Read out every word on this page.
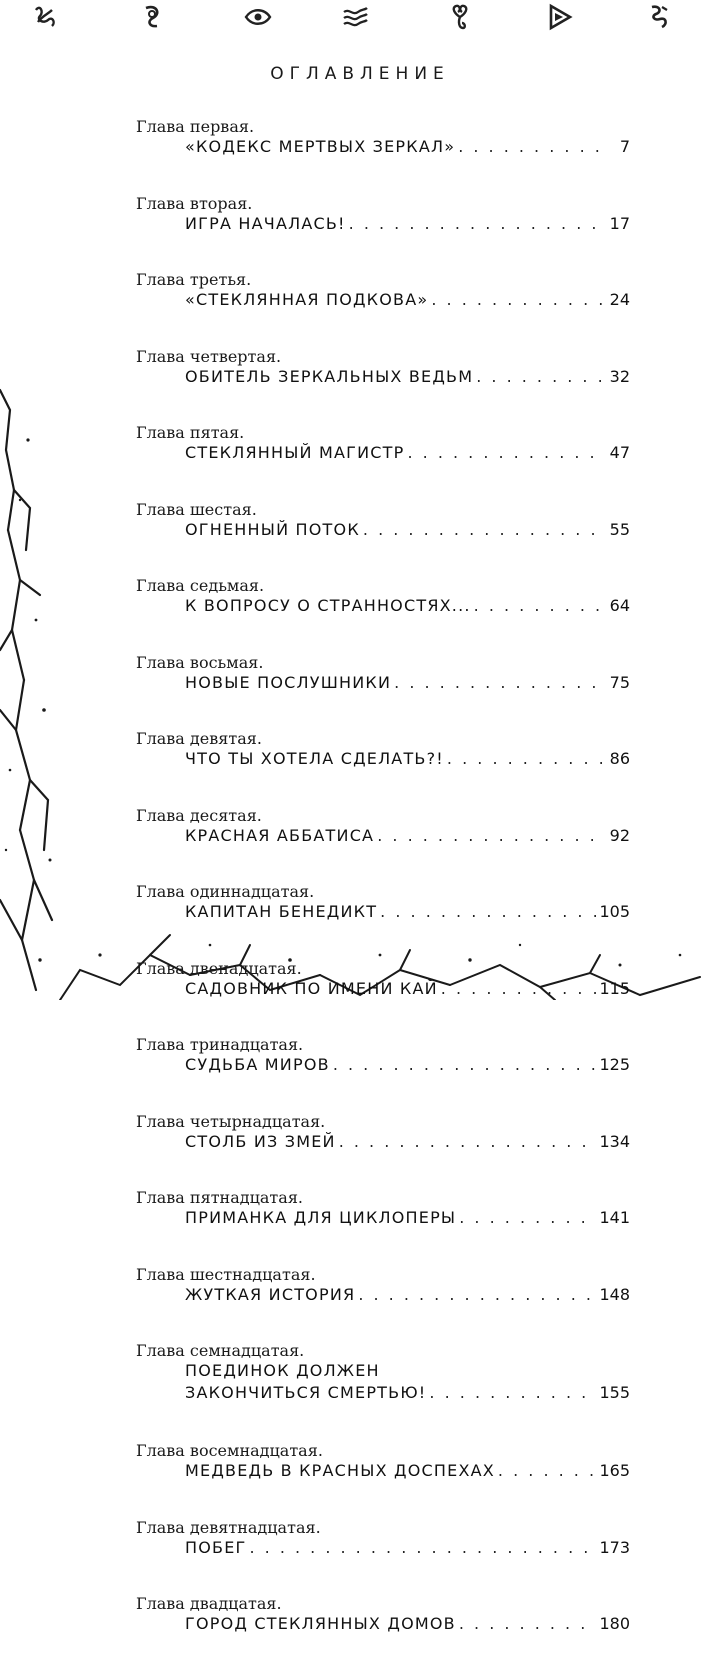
ОГЛАВЛЕНИЕ
Глава первая.
«КОДЕКС МЕРТВЫХ ЗЕРКАЛ» . . .	7
Глава вторая.
ИГРА НАЧАЛАСЬ! . . .	17
Глава третья.
«СТЕКЛЯННАЯ ПОДКОВА» . . .	24
Глава четвертая.
ОБИТЕЛЬ ЗЕРКАЛЬНЫХ ВЕДЬМ . . .	32
Глава пятая.
СТЕКЛЯННЫЙ МАГИСТР . . .	47
Глава шестая.
ОГНЕННЫЙ ПОТОК . . .	55
Глава седьмая.
К ВОПРОСУ О СТРАННОСТЯХ... . . .	64
Глава восьмая.
НОВЫЕ ПОСЛУШНИКИ . . .	75
Глава девятая.
ЧТО ТЫ ХОТЕЛА СДЕЛАТЬ?! . . .	86
Глава десятая.
КРАСНАЯ АББАТИСА . . .	92
Глава одиннадцатая.
КАПИТАН БЕНЕДИКТ . . .	105
Глава двенадцатая.
САДОВНИК ПО ИМЕНИ КАЙ . . .	115
Глава тринадцатая.
СУДЬБА МИРОВ . . .	125
Глава четырнадцатая.
СТОЛБ ИЗ ЗМЕЙ . . .	134
Глава пятнадцатая.
ПРИМАНКА ДЛЯ ЦИКЛОПЕРЫ . . .	141
Глава шестнадцатая.
ЖУТКАЯ ИСТОРИЯ . . .	148
Глава семнадцатая.
ПОЕДИНОК ДОЛЖЕН
ЗАКОНЧИТЬСЯ СМЕРТЬЮ! . . .	155
Глава восемнадцатая.
МЕДВЕДЬ В КРАСНЫХ ДОСПЕХАХ . . .	165
Глава девятнадцатая.
ПОБЕГ . . .	173
Глава двадцатая.
ГОРОД СТЕКЛЯННЫХ ДОМОВ . . .	180
